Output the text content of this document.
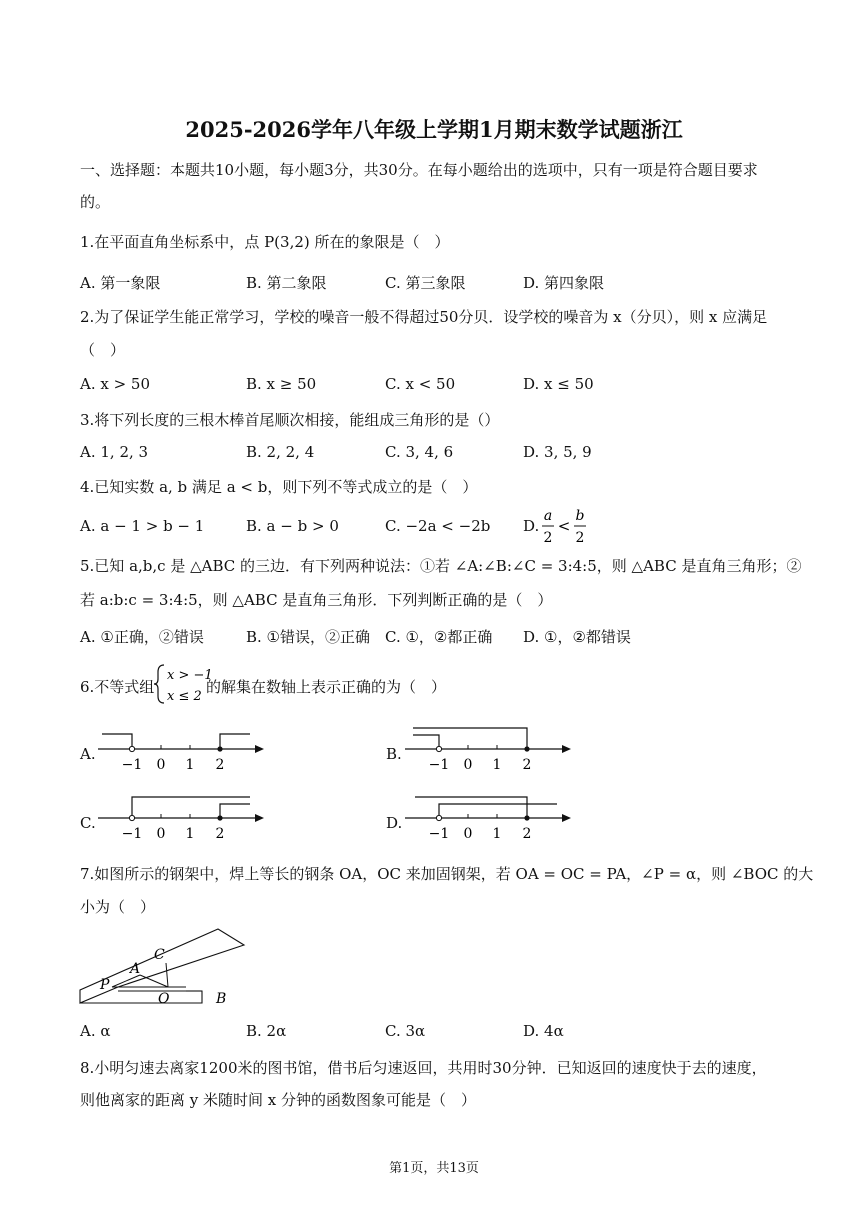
2025-2026学年八年级上学期1月期末数学试题浙江
一、选择题：本题共10小题，每小题3分，共30分。在每小题给出的选项中，只有一项是符合题目要求
的。
1.在平面直角坐标系中，点 P(3,2) 所在的象限是（　）
A. 第一象限	B. 第二象限	C. 第三象限	D. 第四象限
2.为了保证学生能正常学习，学校的噪音一般不得超过50分贝．设学校的噪音为 x（分贝），则 x 应满足
（　）
A. x > 50	B. x ≥ 50	C. x < 50	D. x ≤ 50
3.将下列长度的三根木棒首尾顺次相接，能组成三角形的是（）
A. 1, 2, 3	B. 2, 2, 4	C. 3, 4, 6	D. 3, 5, 9
4.已知实数 a, b 满足 a < b，则下列不等式成立的是（　）
A. a − 1 > b − 1	B. a − b > 0	C. −2a < −2b D.
a
2
<
b
2
5.已知 a,b,c 是 △ABC 的三边．有下列两种说法：①若 ∠A:∠B:∠C = 3:4:5，则 △ABC 是直角三角形；②
若 a:b:c = 3:4:5，则 △ABC 是直角三角形．下列判断正确的是（　）
A. ①正确，②错误	B. ①错误，②正确 C. ①，②都正确 D. ①，②都错误
6.不等式组
x > −1
x ≤ 2
的解集在数轴上表示正确的为（　）
A.	B.
C.	D.
−1 0 1 2	−1 0 1 2
−1 0 1 2	−1 0 1 2
7.如图所示的钢架中，焊上等长的钢条 OA，OC 来加固钢架，若 OA = OC = PA，∠P = α，则 ∠BOC 的大
小为（　）
P
A
C
O	B
A. α	B. 2α	C. 3α	D. 4α
8.小明匀速去离家1200米的图书馆，借书后匀速返回，共用时30分钟．已知返回的速度快于去的速度，
则他离家的距离 y 米随时间 x 分钟的函数图象可能是（　）
第1页，共13页
